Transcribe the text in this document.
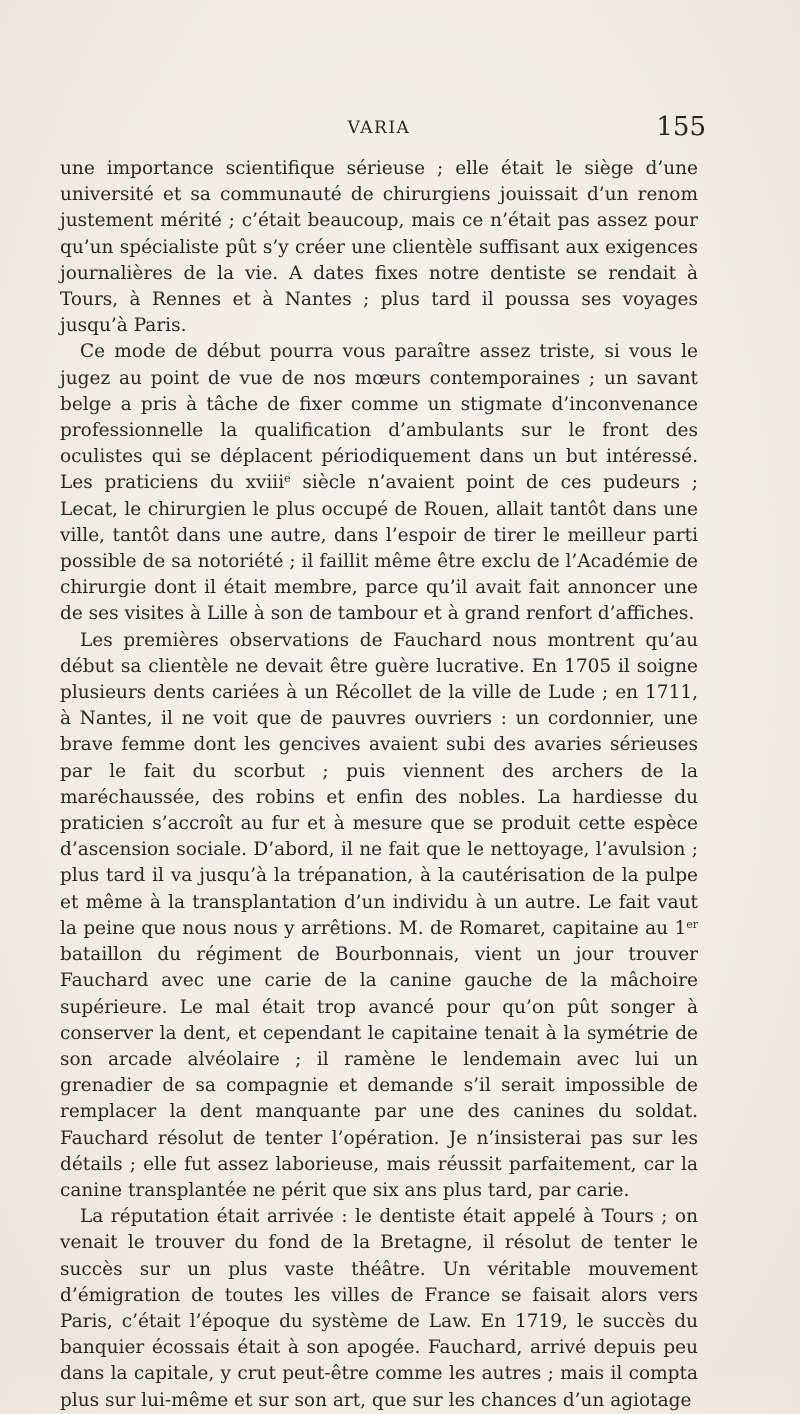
VARIA	155

une importance scientifique sérieuse ; elle était le siège d’une université et sa communauté de chirurgiens jouissait d’un renom justement mérité ; c’était beaucoup, mais ce n’était pas assez pour qu’un spécialiste pût s’y créer une clientèle suffisant aux exigences journalières de la vie. A dates fixes notre dentiste se rendait à Tours, à Rennes et à Nantes ; plus tard il poussa ses voyages jusqu’à Paris.

Ce mode de début pourra vous paraître assez triste, si vous le jugez au point de vue de nos mœurs contemporaines ; un savant belge a pris à tâche de fixer comme un stigmate d’inconvenance professionnelle la qualification d’ambulants sur le front des oculistes qui se déplacent périodiquement dans un but intéressé. Les praticiens du xviii$^e$ siècle n’avaient point de ces pudeurs ; Lecat, le chirurgien le plus occupé de Rouen, allait tantôt dans une ville, tantôt dans une autre, dans l’espoir de tirer le meilleur parti possible de sa notoriété ; il faillit même être exclu de l’Académie de chirurgie dont il était membre, parce qu’il avait fait annoncer une de ses visites à Lille à son de tambour et à grand renfort d’affiches.

Les premières observations de Fauchard nous montrent qu’au début sa clientèle ne devait être guère lucrative. En 1705 il soigne plusieurs dents cariées à un Récollet de la ville de Lude ; en 1711, à Nantes, il ne voit que de pauvres ouvriers : un cordonnier, une brave femme dont les gencives avaient subi des avaries sérieuses par le fait du scorbut ; puis viennent des archers de la maréchaussée, des robins et enfin des nobles. La hardiesse du praticien s’accroît au fur et à mesure que se produit cette espèce d’ascension sociale. D’abord, il ne fait que le nettoyage, l’avulsion ; plus tard il va jusqu’à la trépanation, à la cautérisation de la pulpe et même à la transplantation d’un individu à un autre. Le fait vaut la peine que nous nous y arrêtions. M. de Romaret, capitaine au 1er bataillon du régiment de Bourbonnais, vient un jour trouver Fauchard avec une carie de la canine gauche de la mâchoire supérieure. Le mal était trop avancé pour qu’on pût songer à conserver la dent, et cependant le capitaine tenait à la symétrie de son arcade alvéolaire ; il ramène le lendemain avec lui un grenadier de sa compagnie et demande s’il serait impossible de remplacer la dent manquante par une des canines du soldat. Fauchard résolut de tenter l’opération. Je n’insisterai pas sur les détails ; elle fut assez laborieuse, mais réussit parfaitement, car la canine transplantée ne périt que six ans plus tard, par carie.

La réputation était arrivée : le dentiste était appelé à Tours ; on venait le trouver du fond de la Bretagne, il résolut de tenter le succès sur un plus vaste théâtre. Un véritable mouvement d’émigration de toutes les villes de France se faisait alors vers Paris, c’était l’époque du système de Law. En 1719, le succès du banquier écossais était à son apogée. Fauchard, arrivé depuis peu dans la capitale, y crut peut-être comme les autres ; mais il compta plus sur lui-même et sur son art, que sur les chances d’un agiotage
